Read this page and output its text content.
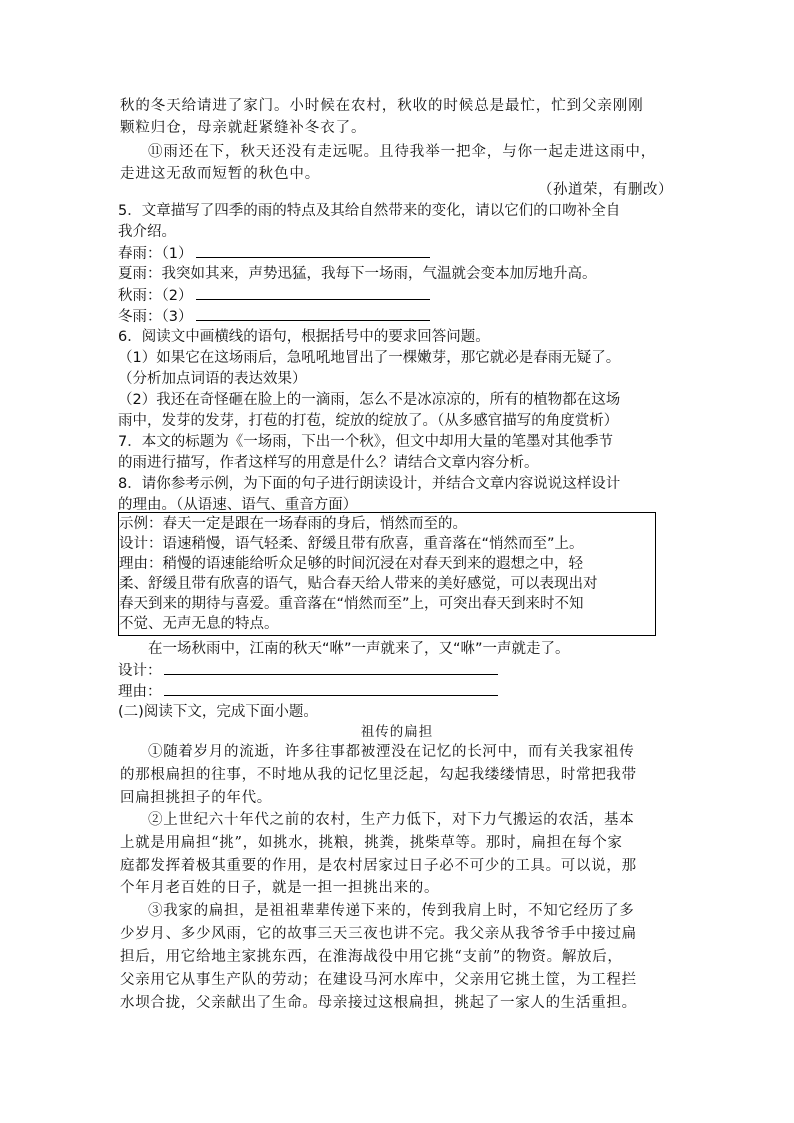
秋的冬天给请进了家门。小时候在农村，秋收的时候总是最忙，忙到父亲刚刚
颗粒归仓，母亲就赶紧缝补冬衣了。
⑪雨还在下，秋天还没有走远呢。且待我举一把伞，与你一起走进这雨中，
走进这无敌而短暂的秋色中。
（孙道荣，有删改）
5．文章描写了四季的雨的特点及其给自然带来的变化，请以它们的口吻补全自
我介绍。
春雨：（1）
夏雨：我突如其来，声势迅猛，我每下一场雨，气温就会变本加厉地升高。
秋雨：（2）
冬雨：（3）
6．阅读文中画横线的语句，根据括号中的要求回答问题。
（1）如果它在这场雨后，急吼吼地冒出了一棵嫩芽，那它就必是春雨无疑了。
（分析加点词语的表达效果）
（2）我还在奇怪砸在脸上的一滴雨，怎么不是冰凉凉的，所有的植物都在这场
雨中，发芽的发芽，打苞的打苞，绽放的绽放了。（从多感官描写的角度赏析）
7．本文的标题为《一场雨，下出一个秋》，但文中却用大量的笔墨对其他季节
的雨进行描写，作者这样写的用意是什么？请结合文章内容分析。
8．请你参考示例，为下面的句子进行朗读设计，并结合文章内容说说这样设计
的理由。（从语速、语气、重音方面）
示例：春天一定是跟在一场春雨的身后，悄然而至的。
设计：语速稍慢，语气轻柔、舒缓且带有欣喜，重音落在“悄然而至”上。
理由：稍慢的语速能给听众足够的时间沉浸在对春天到来的遐想之中，轻
柔、舒缓且带有欣喜的语气，贴合春天给人带来的美好感觉，可以表现出对
春天到来的期待与喜爱。重音落在“悄然而至”上，可突出春天到来时不知
不觉、无声无息的特点。
在一场秋雨中，江南的秋天“咻”一声就来了，又“咻”一声就走了。
设计：
理由：
(二)阅读下文，完成下面小题。
祖传的扁担
①随着岁月的流逝，许多往事都被湮没在记忆的长河中，而有关我家祖传
的那根扁担的往事，不时地从我的记忆里泛起，勾起我缕缕情思，时常把我带
回扁担挑担子的年代。
②上世纪六十年代之前的农村，生产力低下，对下力气搬运的农活，基本
上就是用扁担“挑”，如挑水，挑粮，挑粪，挑柴草等。那时，扁担在每个家
庭都发挥着极其重要的作用，是农村居家过日子必不可少的工具。可以说，那
个年月老百姓的日子，就是一担一担挑出来的。
③我家的扁担，是祖祖辈辈传递下来的，传到我肩上时，不知它经历了多
少岁月、多少风雨，它的故事三天三夜也讲不完。我父亲从我爷爷手中接过扁
担后，用它给地主家挑东西，在淮海战役中用它挑“支前”的物资。解放后，
父亲用它从事生产队的劳动；在建设马河水库中，父亲用它挑土筐，为工程拦
水坝合拢，父亲献出了生命。母亲接过这根扁担，挑起了一家人的生活重担。
